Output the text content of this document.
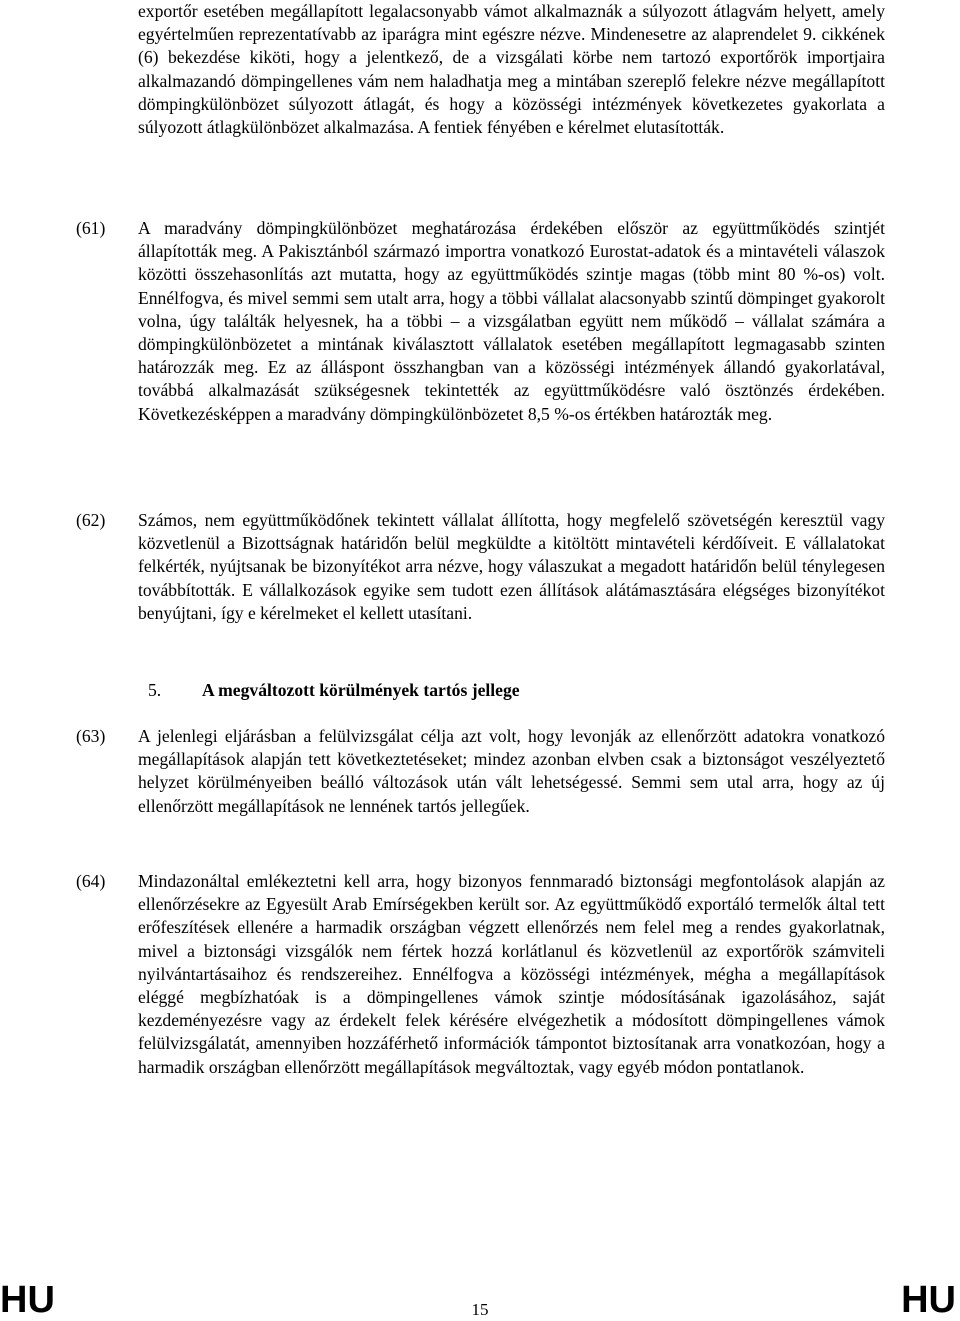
exportőr esetében megállapított legalacsonyabb vámot alkalmaznák a súlyozott átlagvám helyett, amely egyértelműen reprezentatívabb az iparágra mint egészre nézve. Mindenesetre az alaprendelet 9. cikkének (6) bekezdése kiköti, hogy a jelentkező, de a vizsgálati körbe nem tartozó exportőrök importjaira alkalmazandó dömpingellenes vám nem haladhatja meg a mintában szereplő felekre nézve megállapított dömpingkülönbözet súlyozott átlagát, és hogy a közösségi intézmények következetes gyakorlata a súlyozott átlagkülönbözet alkalmazása. A fentiek fényében e kérelmet elutasították.

(61) A maradvány dömpingkülönbözet meghatározása érdekében először az együttműködés szintjét állapították meg. A Pakisztánból származó importra vonatkozó Eurostat-adatok és a mintavételi válaszok közötti összehasonlítás azt mutatta, hogy az együttműködés szintje magas (több mint 80 %-os) volt. Ennélfogva, és mivel semmi sem utalt arra, hogy a többi vállalat alacsonyabb szintű dömpinget gyakorolt volna, úgy találták helyesnek, ha a többi – a vizsgálatban együtt nem működő – vállalat számára a dömpingkülönbözetet a mintának kiválasztott vállalatok esetében megállapított legmagasabb szinten határozzák meg. Ez az álláspont összhangban van a közösségi intézmények állandó gyakorlatával, továbbá alkalmazását szükségesnek tekintették az együttműködésre való ösztönzés érdekében. Következésképpen a maradvány dömpingkülönbözetet 8,5 %-os értékben határozták meg.

(62) Számos, nem együttműködőnek tekintett vállalat állította, hogy megfelelő szövetségén keresztül vagy közvetlenül a Bizottságnak határidőn belül megküldte a kitöltött mintavételi kérdőíveit. E vállalatokat felkérték, nyújtsanak be bizonyítékot arra nézve, hogy válaszukat a megadott határidőn belül ténylegesen továbbították. E vállalkozások egyike sem tudott ezen állítások alátámasztására elégséges bizonyítékot benyújtani, így e kérelmeket el kellett utasítani.

5. A megváltozott körülmények tartós jellege
(63) A jelenlegi eljárásban a felülvizsgálat célja azt volt, hogy levonják az ellenőrzött adatokra vonatkozó megállapítások alapján tett következtetéseket; mindez azonban elvben csak a biztonságot veszélyeztető helyzet körülményeiben beálló változások után vált lehetségessé. Semmi sem utal arra, hogy az új ellenőrzött megállapítások ne lennének tartós jellegűek.

(64) Mindazonáltal emlékeztetni kell arra, hogy bizonyos fennmaradó biztonsági megfontolások alapján az ellenőrzésekre az Egyesült Arab Emírségekben került sor. Az együttműködő exportáló termelők által tett erőfeszítések ellenére a harmadik országban végzett ellenőrzés nem felel meg a rendes gyakorlatnak, mivel a biztonsági vizsgálók nem fértek hozzá korlátlanul és közvetlenül az exportőrök számviteli nyilvántartásaihoz és rendszereihez. Ennélfogva a közösségi intézmények, mégha a megállapítások eléggé megbízhatóak is a dömpingellenes vámok szintje módosításának igazolásához, saját kezdeményezésre vagy az érdekelt felek kérésére elvégezhetik a módosított dömpingellenes vámok felülvizsgálatát, amennyiben hozzáférhető információk támpontot biztosítanak arra vonatkozóan, hogy a harmadik országban ellenőrzött megállapítások megváltoztak, vagy egyéb módon pontatlanok.

HU	15	HU
